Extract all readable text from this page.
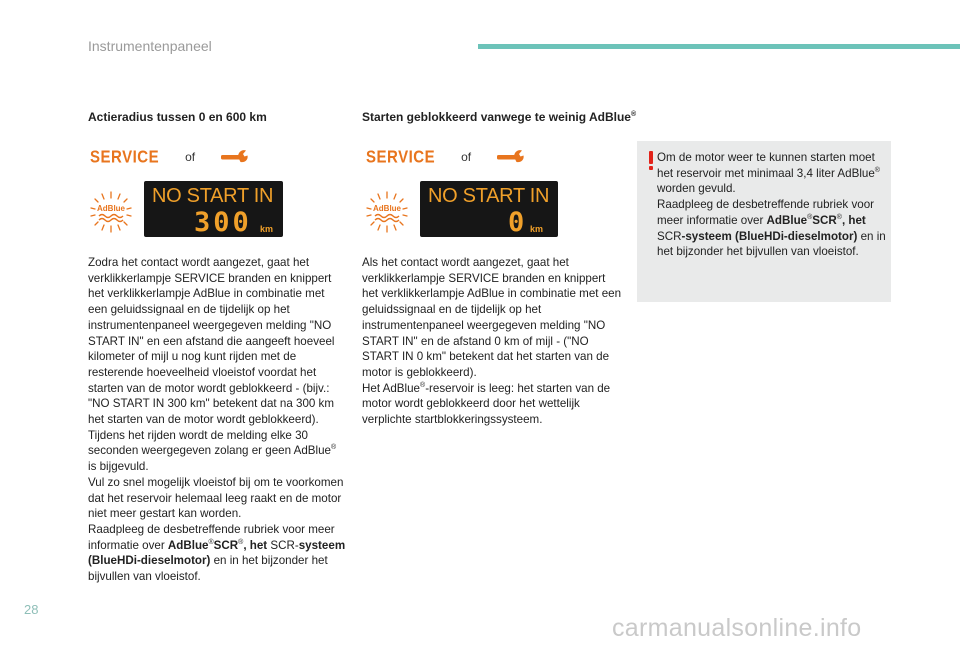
Instrumentenpaneel
Actieradius tussen 0 en 600 km
SERVICE of
AdBlue
NO START IN
300 km
Zodra het contact wordt aangezet, gaat het verklikkerlampje SERVICE branden en knippert het verklikkerlampje AdBlue in combinatie met een geluidssignaal en de tijdelijk op het instrumentenpaneel weergegeven melding "NO START IN" en een afstand die aangeeft hoeveel kilometer of mijl u nog kunt rijden met de resterende hoeveelheid vloeistof voordat het starten van de motor wordt geblokkeerd - (bijv.: "NO START IN 300 km" betekent dat na 300 km het starten van de motor wordt geblokkeerd).
Tijdens het rijden wordt de melding elke 30 seconden weergegeven zolang er geen AdBlue® is bijgevuld.
Vul zo snel mogelijk vloeistof bij om te voorkomen dat het reservoir helemaal leeg raakt en de motor niet meer gestart kan worden.
Raadpleeg de desbetreffende rubriek voor meer informatie over AdBlue®SCR®, het SCR-systeem (BlueHDi-dieselmotor) en in het bijzonder het bijvullen van vloeistof.
Starten geblokkeerd vanwege te weinig AdBlue®
SERVICE of
AdBlue
NO START IN
0 km
Als het contact wordt aangezet, gaat het verklikkerlampje SERVICE branden en knippert het verklikkerlampje AdBlue in combinatie met een geluidssignaal en de tijdelijk op het instrumentenpaneel weergegeven melding "NO START IN" en de afstand 0 km of mijl - ("NO START IN 0 km" betekent dat het starten van de motor is geblokkeerd).
Het AdBlue®-reservoir is leeg: het starten van de motor wordt geblokkeerd door het wettelijk verplichte startblokkeringssysteem.
Om de motor weer te kunnen starten moet het reservoir met minimaal 3,4 liter AdBlue® worden gevuld.
Raadpleeg de desbetreffende rubriek voor meer informatie over AdBlue®SCR®, het SCR-systeem (BlueHDi-dieselmotor) en in het bijzonder het bijvullen van vloeistof.
28
carmanualsonline.info
